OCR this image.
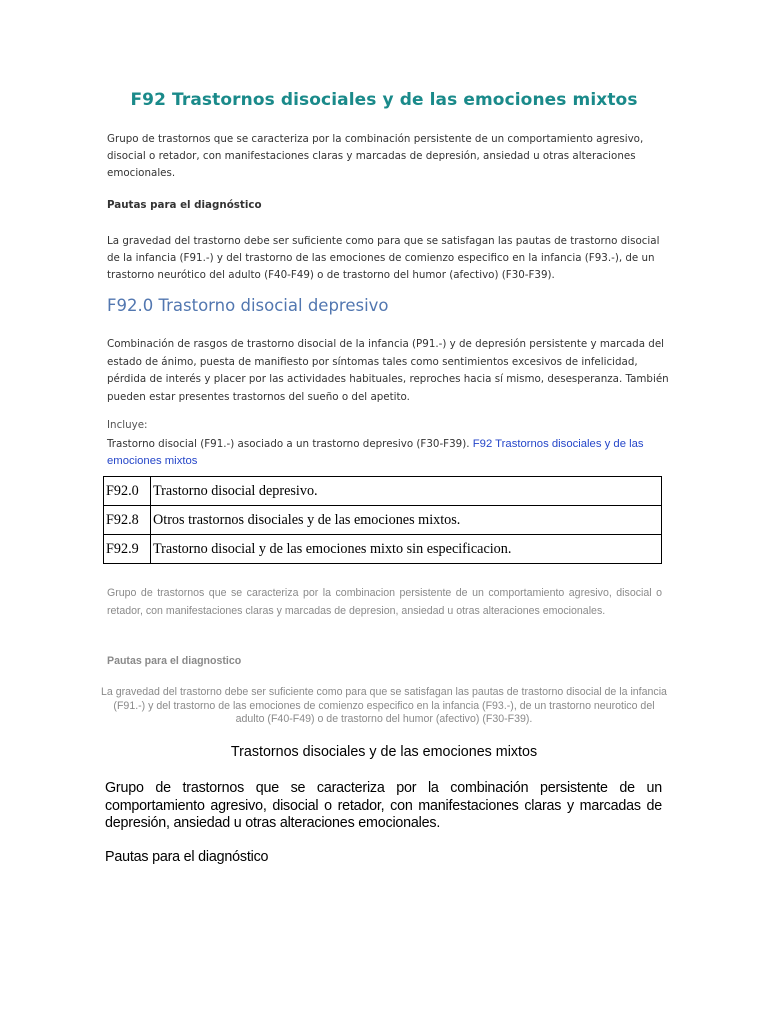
F92 Trastornos disociales y de las emociones mixtos

Grupo de trastornos que se caracteriza por la combinación persistente de un comportamiento agresivo, disocial o retador, con manifestaciones claras y marcadas de depresión, ansiedad u otras alteraciones emocionales.

Pautas para el diagnóstico

La gravedad del trastorno debe ser suficiente como para que se satisfagan las pautas de trastorno disocial de la infancia (F91.-) y del trastorno de las emociones de comienzo especifico en la infancia (F93.-), de un trastorno neurótico del adulto (F40-F49) o de trastorno del humor (afectivo) (F30-F39).

F92.0 Trastorno disocial depresivo

Combinación de rasgos de trastorno disocial de la infancia (P91.-) y de depresión persistente y marcada del estado de ánimo, puesta de manifiesto por síntomas tales como sentimientos excesivos de infelicidad, pérdida de interés y placer por las actividades habituales, reproches hacia sí mismo, desesperanza. También pueden estar presentes trastornos del sueño o del apetito.

Incluye:

Trastorno disocial (F91.-) asociado a un trastorno depresivo (F30-F39). F92 Trastornos disociales y de las emociones mixtos

F92.0	Trastorno disocial depresivo.
F92.8	Otros trastornos disociales y de las emociones mixtos.
F92.9	Trastorno disocial y de las emociones mixto sin especificacion.

Grupo de trastornos que se caracteriza por la combinacion persistente de un comportamiento agresivo, disocial o retador, con manifestaciones claras y marcadas de depresion, ansiedad u otras alteraciones emocionales.

Pautas para el diagnostico

La gravedad del trastorno debe ser suficiente como para que se satisfagan las pautas de trastorno disocial de la infancia (F91.-) y del trastorno de las emociones de comienzo especifico en la infancia (F93.-), de un trastorno neurotico del adulto (F40-F49) o de trastorno del humor (afectivo) (F30-F39).

Trastornos disociales y de las emociones mixtos

Grupo de trastornos que se caracteriza por la combinación persistente de un comportamiento agresivo, disocial o retador, con manifestaciones claras y marcadas de depresión, ansiedad u otras alteraciones emocionales.

Pautas para el diagnóstico
